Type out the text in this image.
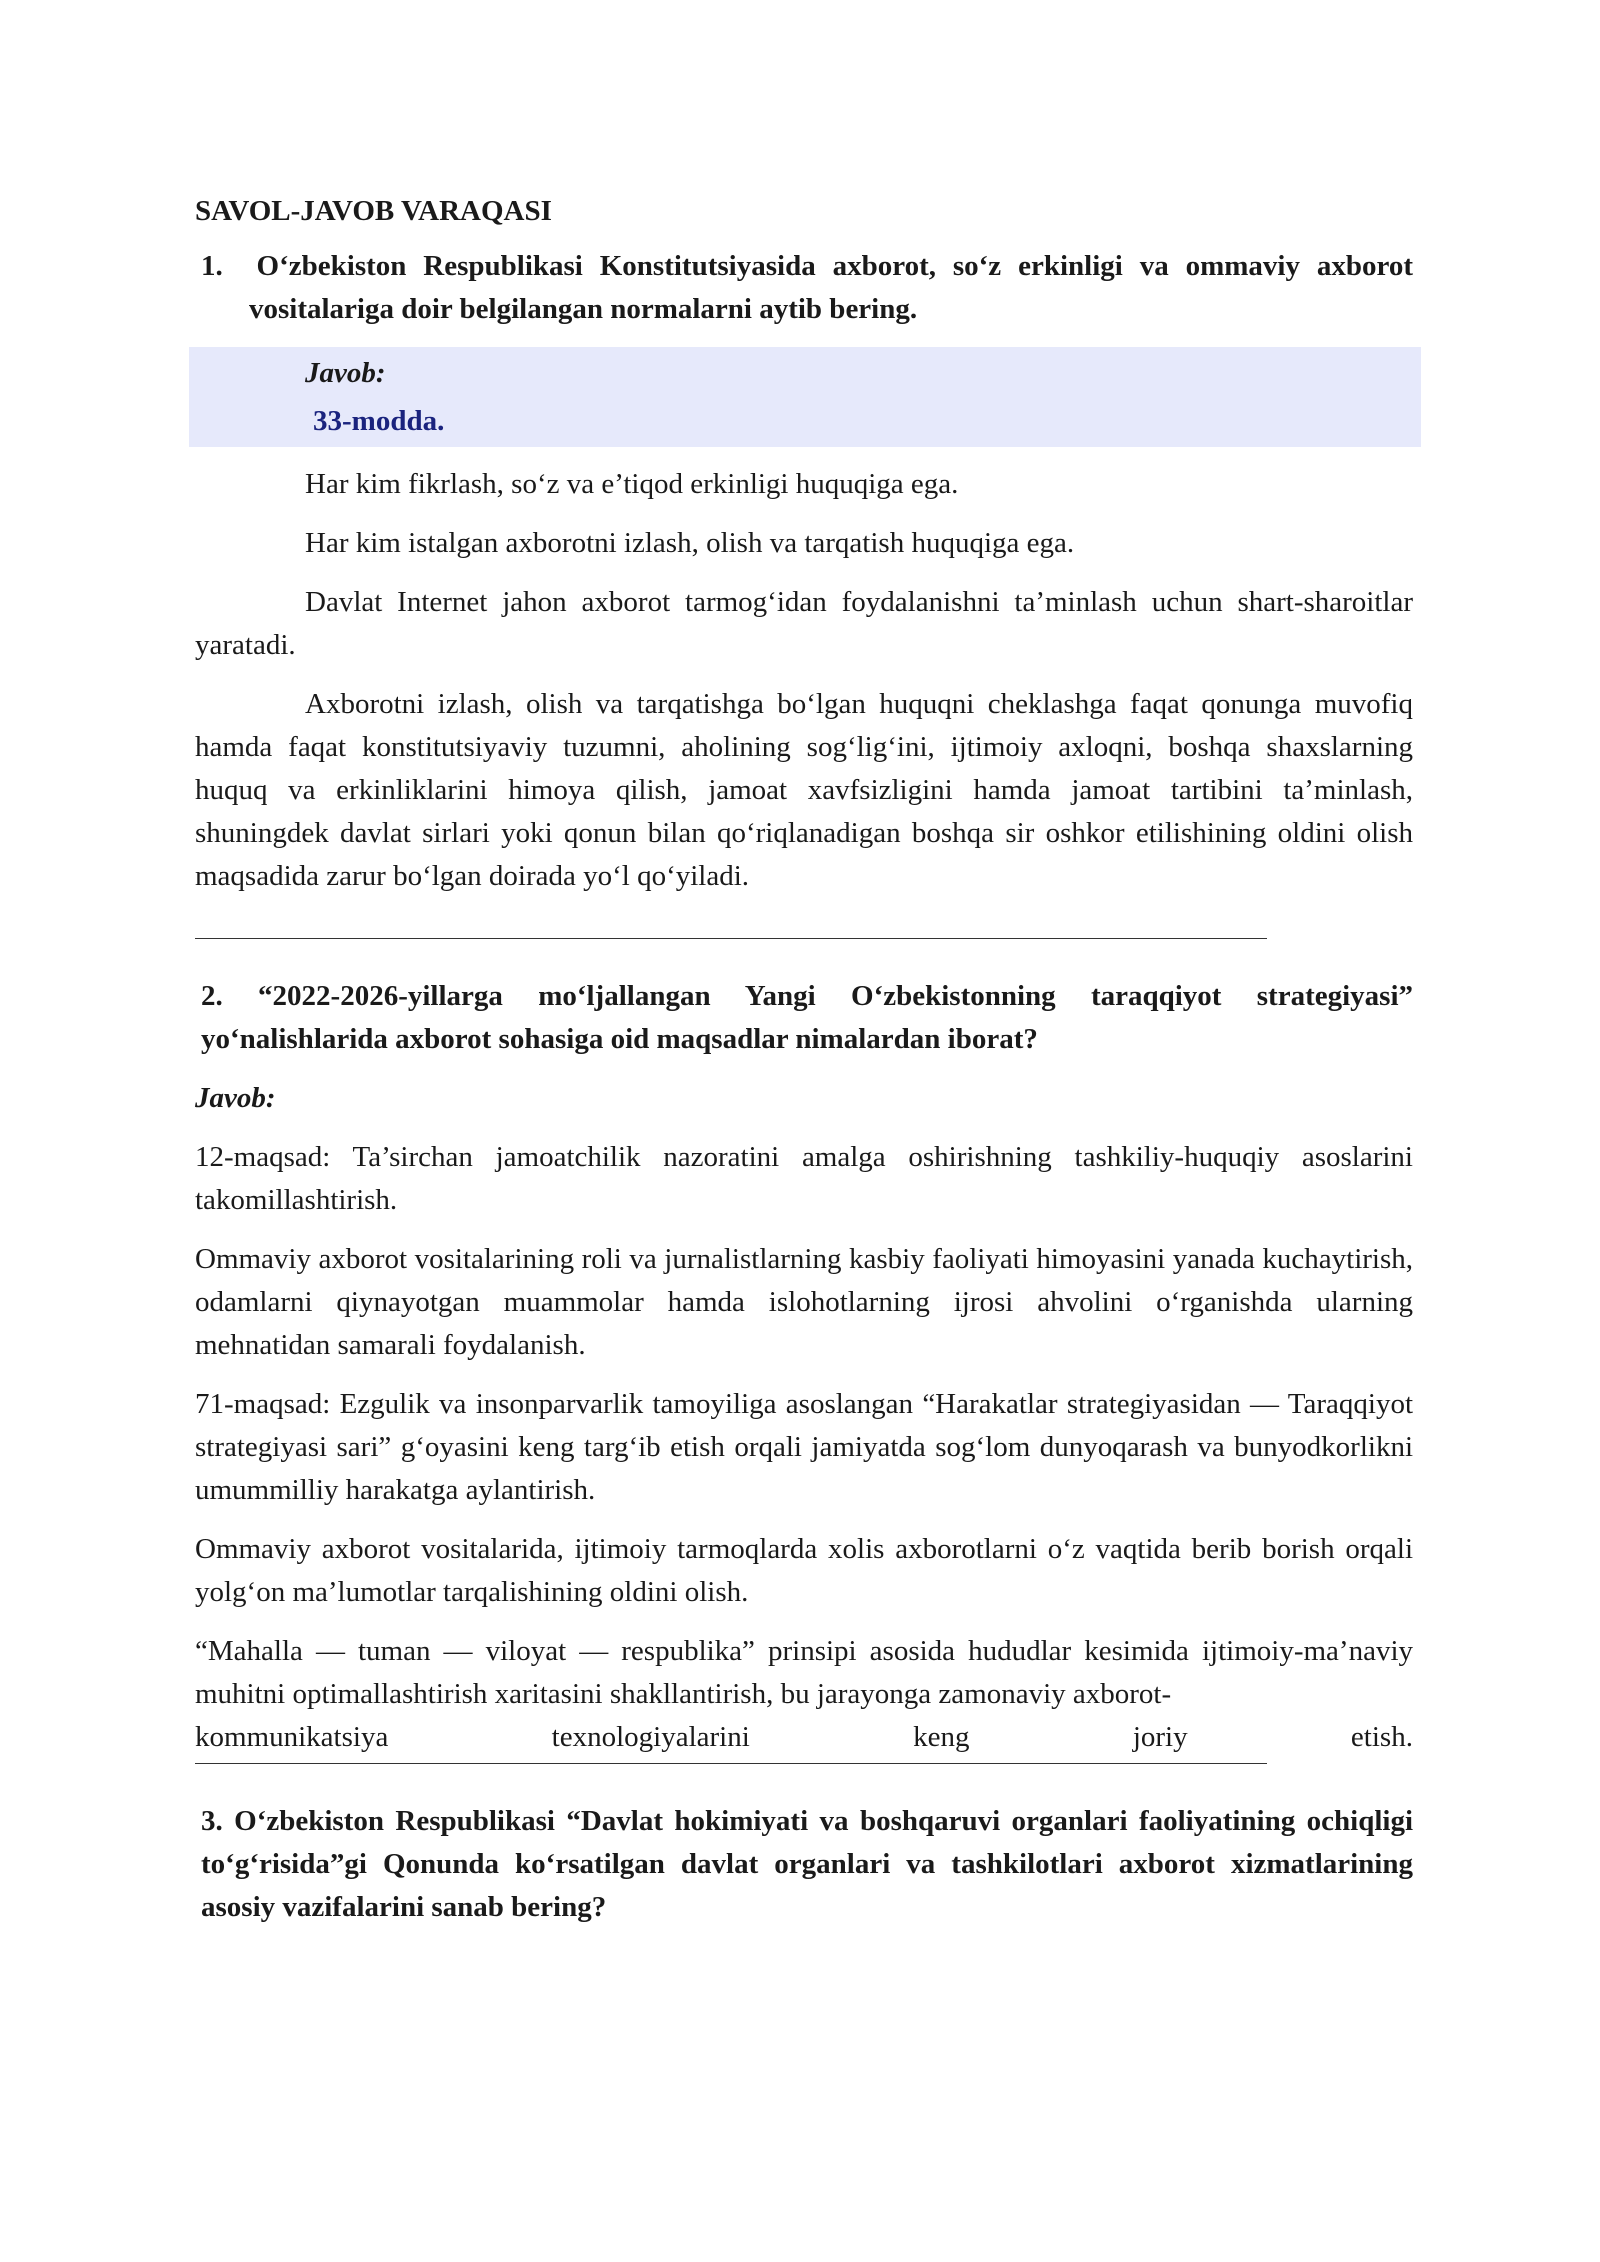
SAVOL-JAVOB VARAQASI

1. O‘zbekiston Respublikasi Konstitutsiyasida axborot, so‘z erkinligi va ommaviy axborot vositalariga doir belgilangan normalarni aytib bering.

Javob:

33-modda.

Har kim fikrlash, so‘z va e’tiqod erkinligi huquqiga ega.

Har kim istalgan axborotni izlash, olish va tarqatish huquqiga ega.

Davlat Internet jahon axborot tarmog‘idan foydalanishni ta’minlash uchun shart-sharoitlar yaratadi.

Axborotni izlash, olish va tarqatishga bo‘lgan huquqni cheklashga faqat qonunga muvofiq hamda faqat konstitutsiyaviy tuzumni, aholining sog‘lig‘ini, ijtimoiy axloqni, boshqa shaxslarning huquq va erkinliklarini himoya qilish, jamoat xavfsizligini hamda jamoat tartibini ta’minlash, shuningdek davlat sirlari yoki qonun bilan qo‘riqlanadigan boshqa sir oshkor etilishining oldini olish maqsadida zarur bo‘lgan doirada yo‘l qo‘yiladi.

2. “2022-2026-yillarga mo‘ljallangan Yangi O‘zbekistonning taraqqiyot strategiyasi” yo‘nalishlarida axborot sohasiga oid maqsadlar nimalardan iborat?

Javob:

12-maqsad: Ta’sirchan jamoatchilik nazoratini amalga oshirishning tashkiliy-huquqiy asoslarini takomillashtirish.

Ommaviy axborot vositalarining roli va jurnalistlarning kasbiy faoliyati himoyasini yanada kuchaytirish, odamlarni qiynayotgan muammolar hamda islohotlarning ijrosi ahvolini o‘rganishda ularning mehnatidan samarali foydalanish.

71-maqsad: Ezgulik va insonparvarlik tamoyiliga asoslangan “Harakatlar strategiyasidan — Taraqqiyot strategiyasi sari” g‘oyasini keng targ‘ib etish orqali jamiyatda sog‘lom dunyoqarash va bunyodkorlikni umummilliy harakatga aylantirish.

Ommaviy axborot vositalarida, ijtimoiy tarmoqlarda xolis axborotlarni o‘z vaqtida berib borish orqali yolg‘on ma’lumotlar tarqalishining oldini olish.

“Mahalla — tuman — viloyat — respublika” prinsipi asosida hududlar kesimida ijtimoiy-ma’naviy muhitni optimallashtirish xaritasini shakllantirish, bu jarayonga zamonaviy axborot-

kommunikatsiya	texnologiyalarini	keng	joriy	etish.

3. O‘zbekiston Respublikasi “Davlat hokimiyati va boshqaruvi organlari faoliyatining ochiqligi to‘g‘risida”gi Qonunda ko‘rsatilgan davlat organlari va tashkilotlari axborot xizmatlarining asosiy vazifalarini sanab bering?
